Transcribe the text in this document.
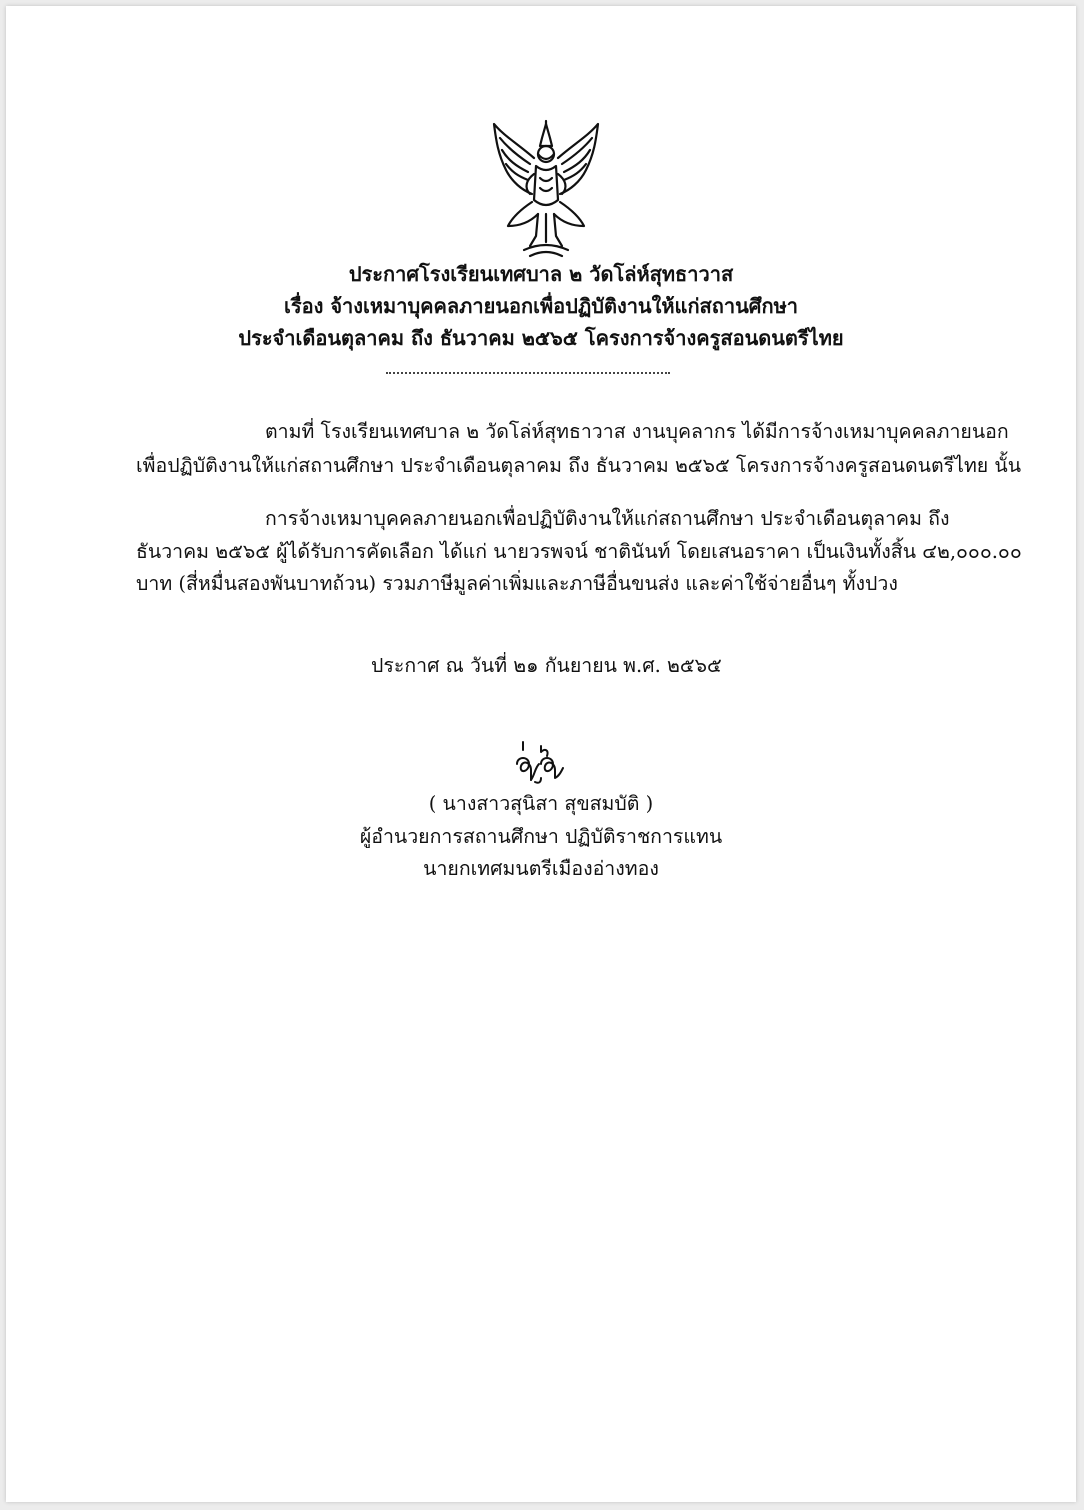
ประกาศโรงเรียนเทศบาล ๒ วัดโล่ห์สุทธาวาส
เรื่อง จ้างเหมาบุคคลภายนอกเพื่อปฏิบัติงานให้แก่สถานศึกษา
ประจำเดือนตุลาคม ถึง ธันวาคม ๒๕๖๕ โครงการจ้างครูสอนดนตรีไทย
ตามที่ โรงเรียนเทศบาล ๒ วัดโล่ห์สุทธาวาส งานบุคลากร ได้มีการจ้างเหมาบุคคลภายนอก
เพื่อปฏิบัติงานให้แก่สถานศึกษา ประจำเดือนตุลาคม ถึง ธันวาคม ๒๕๖๕ โครงการจ้างครูสอนดนตรีไทย นั้น
การจ้างเหมาบุคคลภายนอกเพื่อปฏิบัติงานให้แก่สถานศึกษา ประจำเดือนตุลาคม ถึง
ธันวาคม ๒๕๖๕ ผู้ได้รับการคัดเลือก ได้แก่ นายวรพจน์ ชาตินันท์ โดยเสนอราคา เป็นเงินทั้งสิ้น ๔๒,๐๐๐.๐๐
บาท (สี่หมื่นสองพันบาทถ้วน) รวมภาษีมูลค่าเพิ่มและภาษีอื่นขนส่ง และค่าใช้จ่ายอื่นๆ ทั้งปวง
ประกาศ ณ วันที่ ๒๑ กันยายน พ.ศ. ๒๕๖๕
( นางสาวสุนิสา สุขสมบัติ )
ผู้อำนวยการสถานศึกษา ปฏิบัติราชการแทน
นายกเทศมนตรีเมืองอ่างทอง
